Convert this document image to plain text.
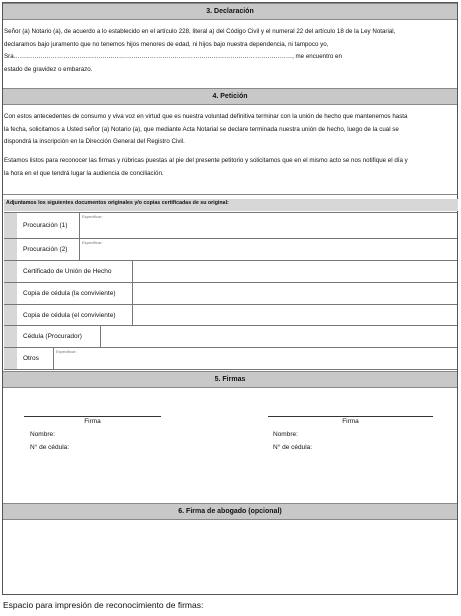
3. Declaración
Señor (a) Notario (a), de acuerdo a lo establecido en el artículo 228, literal a) del Código Civil y el numeral 22 del artículo 18 de la Ley Notarial,
declaramos bajo juramento que no tenemos hijos menores de edad, ni hijos bajo nuestra dependencia, ni tampoco yo,
Sra………………………………………………………………………………………………………………………, me encuentro en
estado de gravidez o embarazo.
4. Petición
Con estos antecedentes de consumo y viva voz en virtud que es nuestra voluntad definitiva terminar con la unión de hecho que mantenemos hasta
la fecha, solicitamos a Usted señor (a) Notario (a), que mediante Acta Notarial se declare terminada nuestra unión de hecho, luego de la cual se
dispondrá la inscripción en la Dirección General del Registro Civil.
Estamos listos para reconocer las firmas y rúbricas puestas al pie del presente petitorio y solicitamos que en el mismo acto se nos notifique el día y
la hora en el que tendrá lugar la audiencia de conciliación.
Adjuntamos los siguientes documentos originales y/o copias certificadas de su original:
Procuración (1)
Especificar:
Procuración (2)
Especificar:
Certificado de Unión de Hecho
Copia de cédula (la conviviente)
Copia de cédula (el conviviente)
Cédula (Procurador)
Otros
Especificar:
5. Firmas
Firma
Nombre:
N° de cédula:
Firma
Nombre:
N° de cédula:
6. Firma de abogado (opcional)
Espacio para impresión de reconocimiento de firmas:
